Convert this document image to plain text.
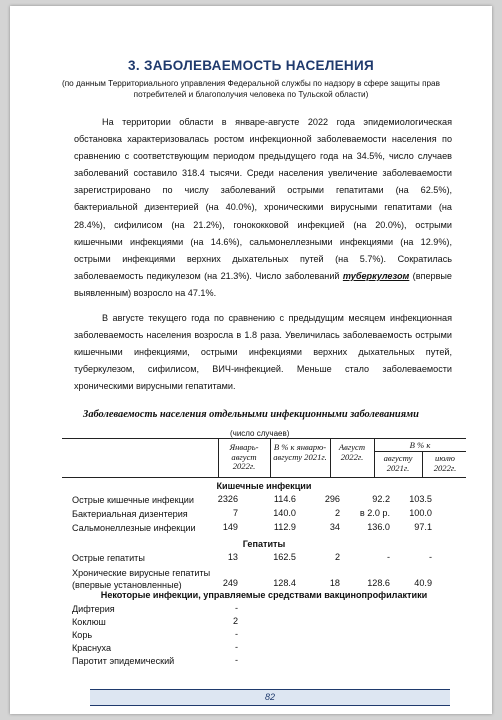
3. ЗАБОЛЕВАЕМОСТЬ НАСЕЛЕНИЯ
(по данным Территориального управления Федеральной службы по надзору в сфере защиты прав потребителей и благополучия человека по Тульской области)
На территории области в январе-августе 2022 года эпидемиологическая обстановка характеризовалась ростом инфекционной заболеваемости населения по сравнению с соответствующим периодом предыдущего года на 34.5%, число случаев заболеваний составило 318.4 тысячи. Среди населения увеличение заболеваемости зарегистрировано по числу заболеваний острыми гепатитами (на 62.5%), бактериальной дизентерией (на 40.0%), хроническими вирусными гепатитами (на 28.4%), сифилисом (на 21.2%), гонококковой инфекцией (на 20.0%), острыми кишечными инфекциями (на 14.6%), сальмонеллезными инфекциями (на 12.9%), острыми инфекциями верхних дыхательных путей (на 5.7%). Сократилась заболеваемость педикулезом (на 21.3%). Число заболеваний туберкулезом (впервые выявленным) возросло на 47.1%.
В августе текущего года по сравнению с предыдущим месяцем инфекционная заболеваемость населения возросла в 1.8 раза. Увеличилась заболеваемость острыми кишечными инфекциями, острыми инфекциями верхних дыхательных путей, туберкулезом, сифилисом, ВИЧ-инфекцией. Меньше стало заболеваемости хроническими вирусными гепатитами.
Заболеваемость населения отдельными инфекционными заболеваниями
(число случаев)
Январь-август 2022г.
В % к январю-августу 2021г.
Август 2022г.
В % к
августу 2021г.
июлю 2022г.
Кишечные инфекции
Острые кишечные инфекции	2326	114.6	296	92.2	103.5
Бактериальная дизентерия	7	140.0	2	в 2.0 р.	100.0
Сальмонеллезные инфекции	149	112.9	34	136.0	97.1
Гепатиты
Острые гепатиты	13	162.5	2	-	-
Хронические вирусные гепатиты (впервые установленные)	249	128.4	18	128.6	40.9
Некоторые инфекции, управляемые средствами вакцинопрофилактики
Дифтерия	-
Коклюш	2
Корь	-
Краснуха	-
Паротит эпидемический	-
82
